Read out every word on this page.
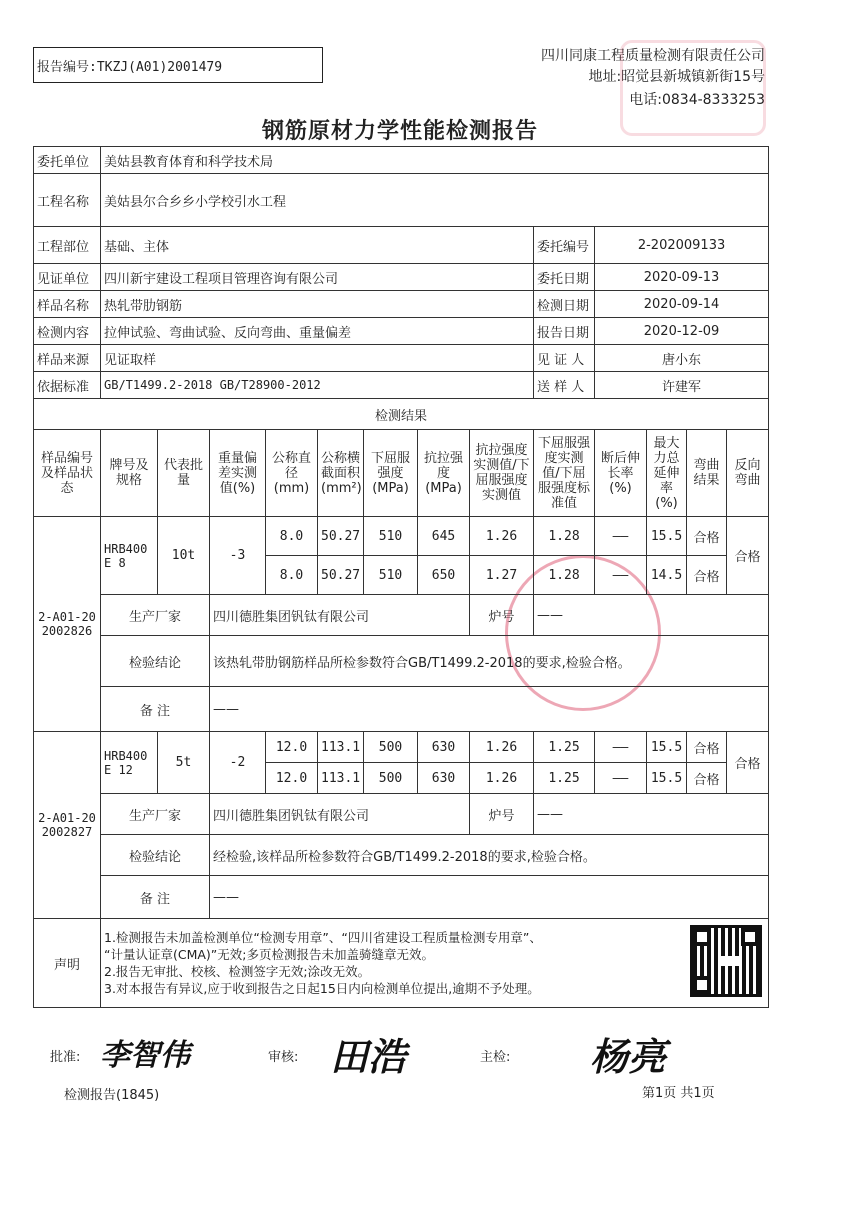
报告编号:TKZJ(A01)2001479
四川同康工程质量检测有限责任公司
地址:昭觉县新城镇新街15号
电话:0834-8333253
钢筋原材力学性能检测报告
委托单位	美姑县教育体育和科学技术局												
工程名称	美姑县尔合乡乡小学校引水工程												
工程部位	基础、主体								委托编号	2-202009133			
见证单位	四川新宇建设工程项目管理咨询有限公司								委托日期	2020-09-13			
样品名称	热轧带肋钢筋								检测日期	2020-09-14			
检测内容	拉伸试验、弯曲试验、反向弯曲、重量偏差								报告日期	2020-12-09			
样品来源	见证取样								见 证 人	唐小东			
依据标准	GB/T1499.2-2018 GB/T28900-2012								送 样 人	许建军			
检测结果													
样品编号及样品状态	牌号及规格	代表批量	重量偏差实测值(%)	公称直径(mm)	公称横截面积(mm²)	下屈服强度(MPa)	抗拉强度(MPa)	抗拉强度实测值/下屈服强度实测值	下屈服强度实测值/下屈服强度标准值	断后伸长率(%)	最大力总延伸率(%)	弯曲结果	反向弯曲
2-A01-202002826	HRB400E 8	10t	-3	8.0	50.27	510	645	1.26	1.28	——	15.5	合格	合格
				8.0	50.27	510	650	1.27	1.28	——	14.5	合格	
	生产厂家		四川德胜集团钒钛有限公司					炉号	——				
	检验结论		该热轧带肋钢筋样品所检参数符合GB/T1499.2-2018的要求,检验合格。										
	备 注		——										
2-A01-202002827	HRB400E 12	5t	-2	12.0	113.1	500	630	1.26	1.25	——	15.5	合格	合格
				12.0	113.1	500	630	1.26	1.25	——	15.5	合格	
	生产厂家		四川德胜集团钒钛有限公司					炉号	——				
	检验结论		经检验,该样品所检参数符合GB/T1499.2-2018的要求,检验合格。										
	备 注		——										
声明	1.检测报告未加盖检测单位“检测专用章”、“四川省建设工程质量检测专用章”、
“计量认证章(CMA)”无效;多页检测报告未加盖骑缝章无效。
2.报告无审批、校核、检测签字无效;涂改无效。
3.对本报告有异议,应于收到报告之日起15日内向检测单位提出,逾期不予处理。												
批准: 李智伟	审核: 田浩	主检: 杨亮
检测报告(1845)	第1页 共1页
